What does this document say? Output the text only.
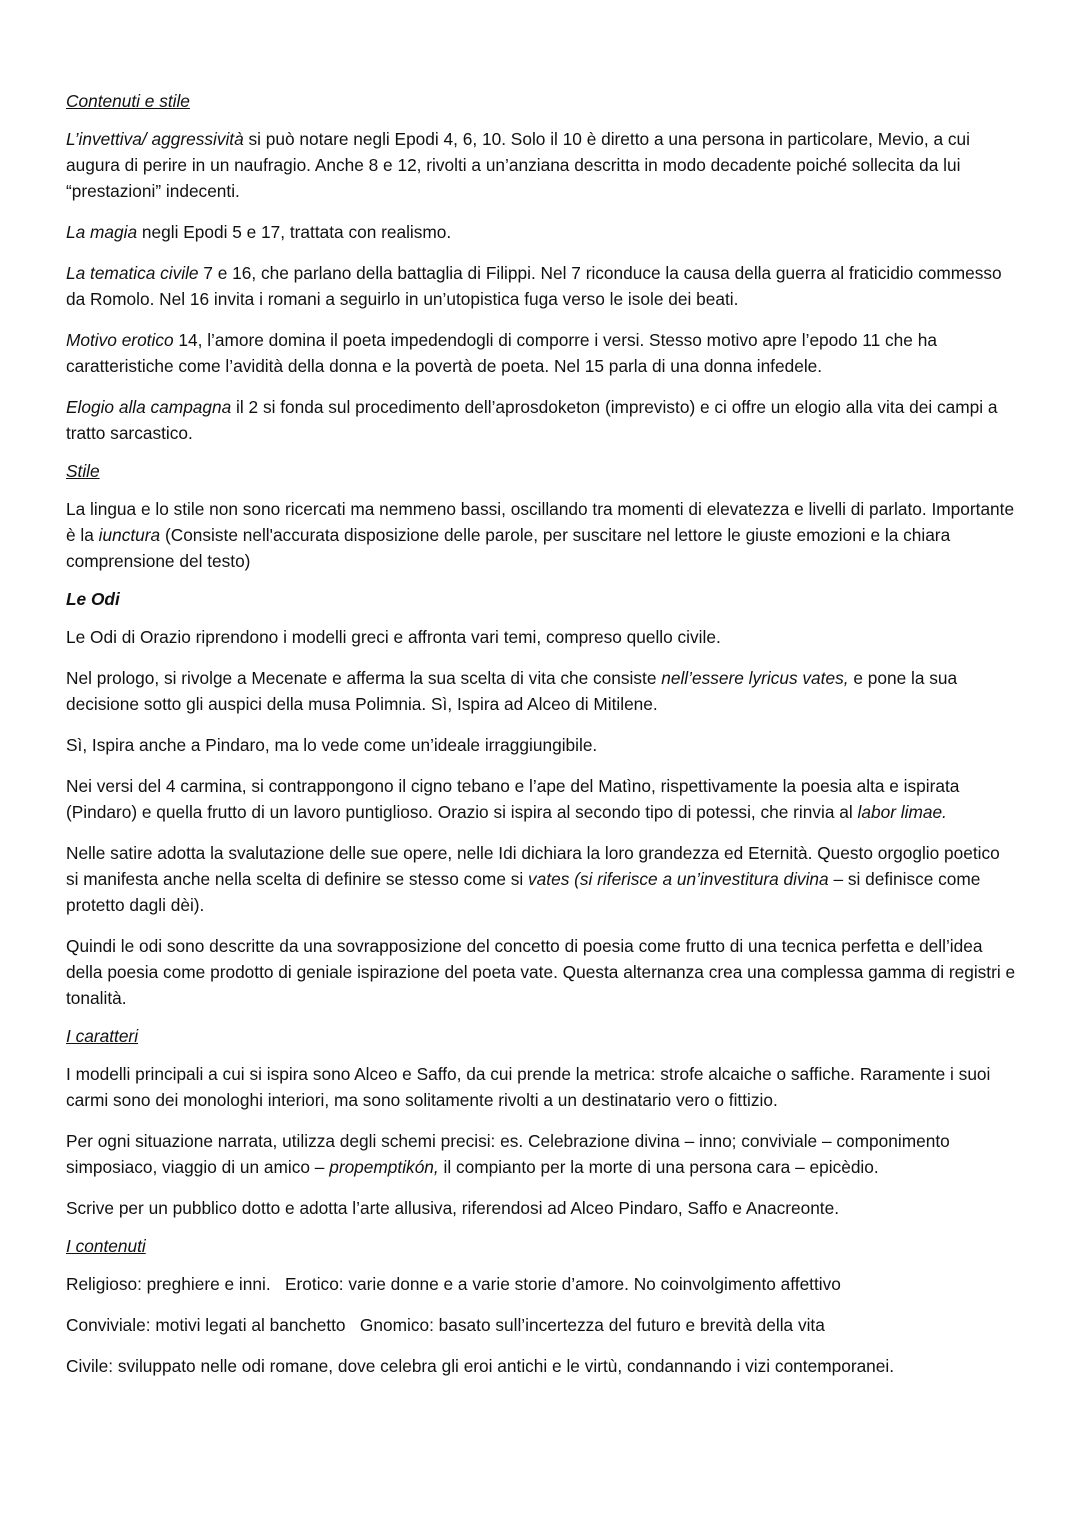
Contenuti e stile
L’invettiva/ aggressività si può notare negli Epodi 4, 6, 10. Solo il 10 è diretto a una persona in particolare, Mevio, a cui augura di perire in un naufragio. Anche 8 e 12, rivolti a un’anziana descritta in modo decadente poiché sollecita da lui “prestazioni” indecenti.
La magia negli Epodi 5 e 17, trattata con realismo.
La tematica civile 7 e 16, che parlano della battaglia di Filippi. Nel 7 riconduce la causa della guerra al fraticidio commesso da Romolo. Nel 16 invita i romani a seguirlo in un’utopistica fuga verso le isole dei beati.
Motivo erotico 14, l’amore domina il poeta impedendogli di comporre i versi. Stesso motivo apre l’epodo 11 che ha caratteristiche come l’avidità della donna e la povertà de poeta. Nel 15 parla di una donna infedele.
Elogio alla campagna il 2 si fonda sul procedimento dell’aprosdoketon (imprevisto) e ci offre un elogio alla vita dei campi a tratto sarcastico.
Stile
La lingua e lo stile non sono ricercati ma nemmeno bassi, oscillando tra momenti di elevatezza e livelli di parlato. Importante è la iunctura (Consiste nell'accurata disposizione delle parole, per suscitare nel lettore le giuste emozioni e la chiara comprensione del testo)
Le Odi
Le Odi di Orazio riprendono i modelli greci e affronta vari temi, compreso quello civile.
Nel prologo, si rivolge a Mecenate e afferma la sua scelta di vita che consiste nell’essere lyricus vates, e pone la sua decisione sotto gli auspici della musa Polimnia. Sì, Ispira ad Alceo di Mitilene.
Sì, Ispira anche a Pindaro, ma lo vede come un’ideale irraggiungibile.
Nei versi del 4 carmina, si contrappongono il cigno tebano e l’ape del Matìno, rispettivamente la poesia alta e ispirata (Pindaro) e quella frutto di un lavoro puntiglioso. Orazio si ispira al secondo tipo di potessi, che rinvia al labor limae.
Nelle satire adotta la svalutazione delle sue opere, nelle Idi dichiara la loro grandezza ed Eternità. Questo orgoglio poetico si manifesta anche nella scelta di definire se stesso come si vates (si riferisce a un’investitura divina – si definisce come protetto dagli dèi).
Quindi le odi sono descritte da una sovrapposizione del concetto di poesia come frutto di una tecnica perfetta e dell’idea della poesia come prodotto di geniale ispirazione del poeta vate. Questa alternanza crea una complessa gamma di registri e tonalità.
I caratteri
I modelli principali a cui si ispira sono Alceo e Saffo, da cui prende la metrica: strofe alcaiche o saffiche. Raramente i suoi carmi sono dei monologhi interiori, ma sono solitamente rivolti a un destinatario vero o fittizio.
Per ogni situazione narrata, utilizza degli schemi precisi: es. Celebrazione divina – inno; conviviale – componimento simposiaco, viaggio di un amico – propemptikón, il compianto per la morte di una persona cara – epicèdio.
Scrive per un pubblico dotto e adotta l’arte allusiva, riferendosi ad Alceo Pindaro, Saffo e Anacreonte.
I contenuti
Religioso: preghiere e inni.   Erotico: varie donne e a varie storie d’amore. No coinvolgimento affettivo
Conviviale: motivi legati al banchetto   Gnomico: basato sull’incertezza del futuro e brevità della vita
Civile: sviluppato nelle odi romane, dove celebra gli eroi antichi e le virtù, condannando i vizi contemporanei.
